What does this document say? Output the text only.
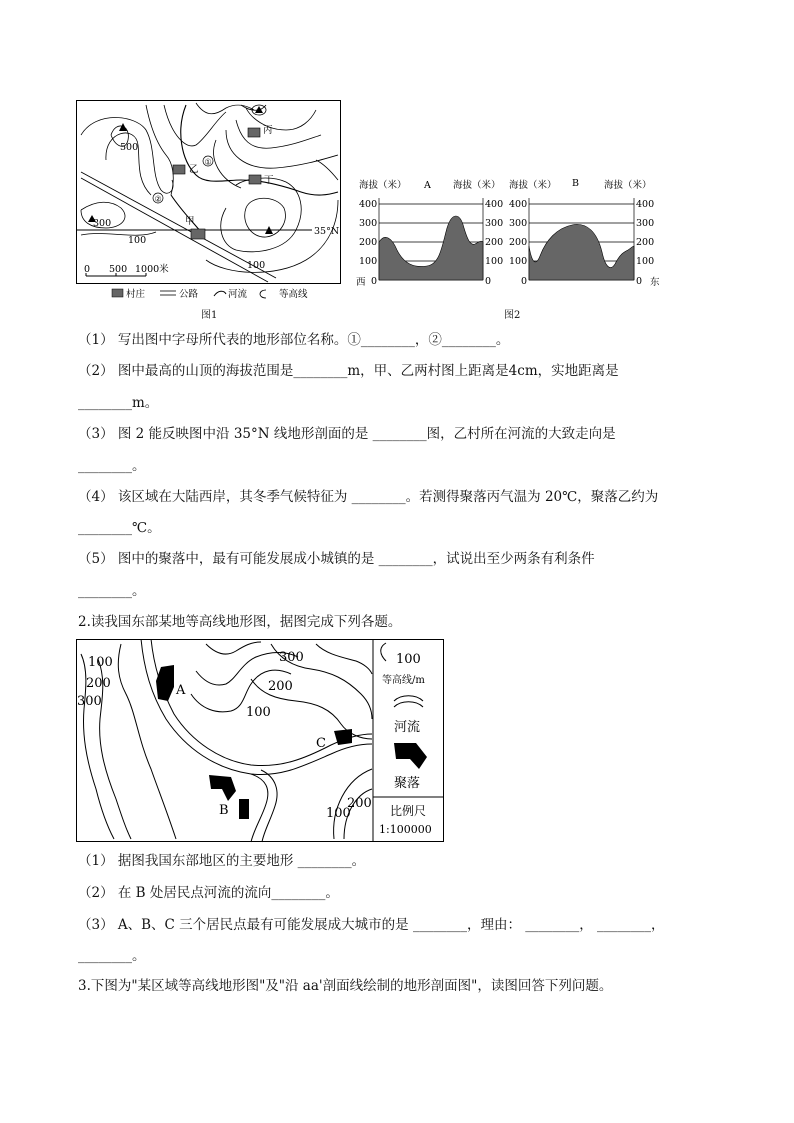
500
300
100
100
丙
乙
丁
甲
①
②
35°N
0 500 1000米
村庄	公路	河流	等高线
图1
海拔（米） A 海拔（米） 海拔（米） B	海拔（米）
400
300
200
100
0
400
300
200
100
0
西
400
300
200
100
0
400
300
200
100
0 东
图2
（1） 写出图中字母所代表的地形部位名称。①________，②________。
（2） 图中最高的山顶的海拔范围是________m，甲、乙两村图上距离是4cm，实地距离是
________m。
（3） 图 2 能反映图中沿 35°N 线地形剖面的是 ________图，乙村所在河流的大致走向是
________。
（4） 该区域在大陆西岸，其冬季气候特征为 ________。若测得聚落丙气温为 20℃，聚落乙约为
________℃。
（5） 图中的聚落中，最有可能发展成小城镇的是 ________，试说出至少两条有利条件
________。
2.读我国东部某地等高线地形图，据图完成下列各题。
100
200
300
300
200
100
100
200
A
B
C
100
等高线/m
河流
聚落
比例尺
1:100000
（1） 据图我国东部地区的主要地形 ________。
（2） 在 B 处居民点河流的流向________。
（3） A、B、C 三个居民点最有可能发展成大城市的是 ________，理由： ________， ________，
________。
3.下图为"某区域等高线地形图"及"沿 aa'剖面线绘制的地形剖面图"，读图回答下列问题。
